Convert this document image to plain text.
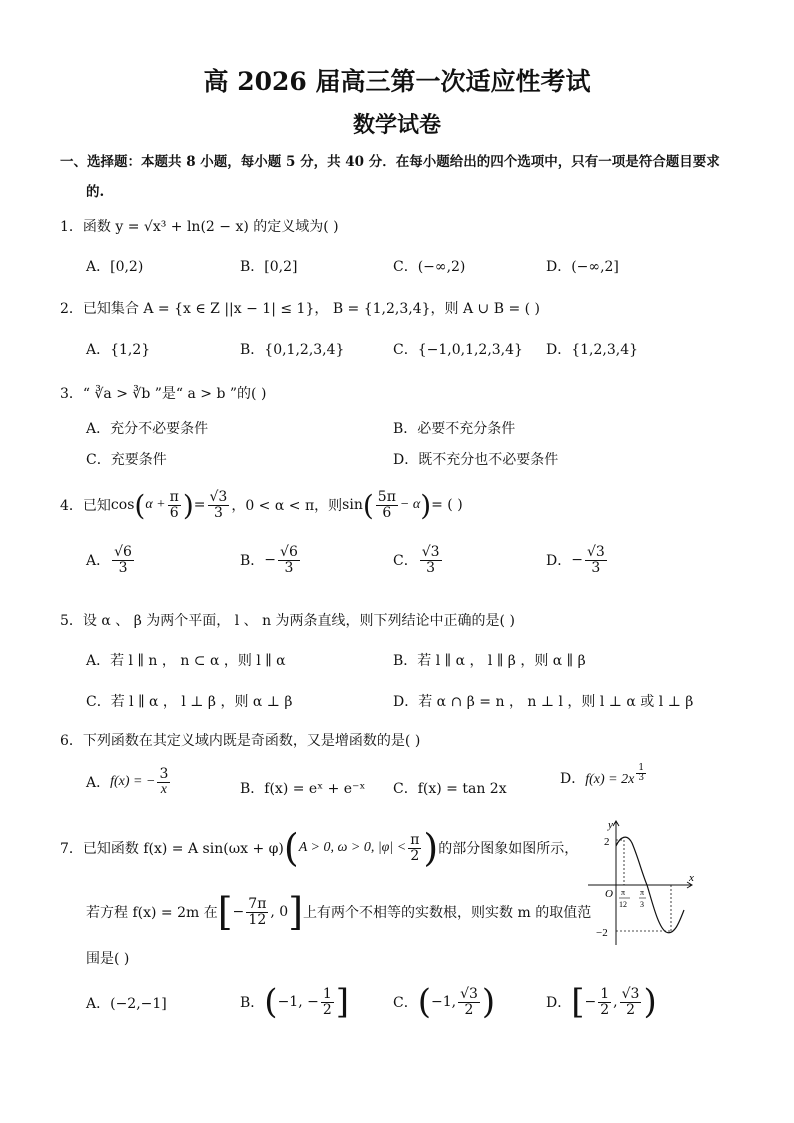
高 2026 届高三第一次适应性考试
数学试卷
一、选择题：本题共 8 小题，每小题 5 分，共 40 分．在每小题给出的四个选项中，只有一项是符合题目要求
的.
1．函数 y = √x³ + ln(2 − x) 的定义域为( )
A．[0,2)	B．[0,2]	C．(−∞,2)	D．(−∞,2]
2．已知集合 A = {x ∈ Z ||x − 1| ≤ 1}， B = {1,2,3,4}，则 A ∪ B = ( )
A．{1,2}	B．{0,1,2,3,4}	C．{−1,0,1,2,3,4} D．{1,2,3,4}
3．“ ∛a > ∛b ”是“ a > b ”的( )
A．充分不必要条件	B．必要不充分条件
C．充要条件	D．既不充分也不必要条件
4．已知 cos ( $\alpha + \frac{\pi}{6}$ ) = $\frac{√3}{3}$ ，0 < α < π，则 sin ( $\frac{5\pi}{6} - \alpha$ ) = ( )
A． $\frac{√6}{3}$	B． − $\frac{√6}{3}$	C． $\frac{√3}{3}$	D． − $\frac{√3}{3}$
5．设 α 、 β 为两个平面， l 、 n 为两条直线，则下列结论中正确的是( )
A．若 l ∥ n ， n ⊂ α ，则 l ∥ α	B．若 l ∥ α ， l ∥ β ，则 α ∥ β
C．若 l ∥ α ， l ⊥ β ，则 α ⊥ β	D．若 α ∩ β = n ， n ⊥ l ，则 l ⊥ α 或 l ⊥ β
6．下列函数在其定义域内既是奇函数，又是增函数的是( )
A． f(x) = − $\frac{3}{x}$	B．f(x) = eˣ + e⁻ˣ C．f(x) = tan 2x
D． $f(x) = 2x \frac{1}{3}$
7．已知函数 f(x) = A sin(ωx + φ) ( A > 0, ω > 0, $|\varphi| < \frac{\pi}{2}$ ) 的部分图象如图所示，
若方程 f(x) = 2m 在 [ − $\frac{7\pi}{12}$ , 0 ] 上有两个不相等的实数根，则实数 m 的取值范
围是( )
A．(−2,−1]	B． ( −1, − $\frac{1}{2}$ ]	C． ( −1, $\frac{√3}{2}$ )	D． [ − $\frac{1}{2}$ , $\frac{√3}{2}$ )
y
x
O
2
−2
π
12
π
3
